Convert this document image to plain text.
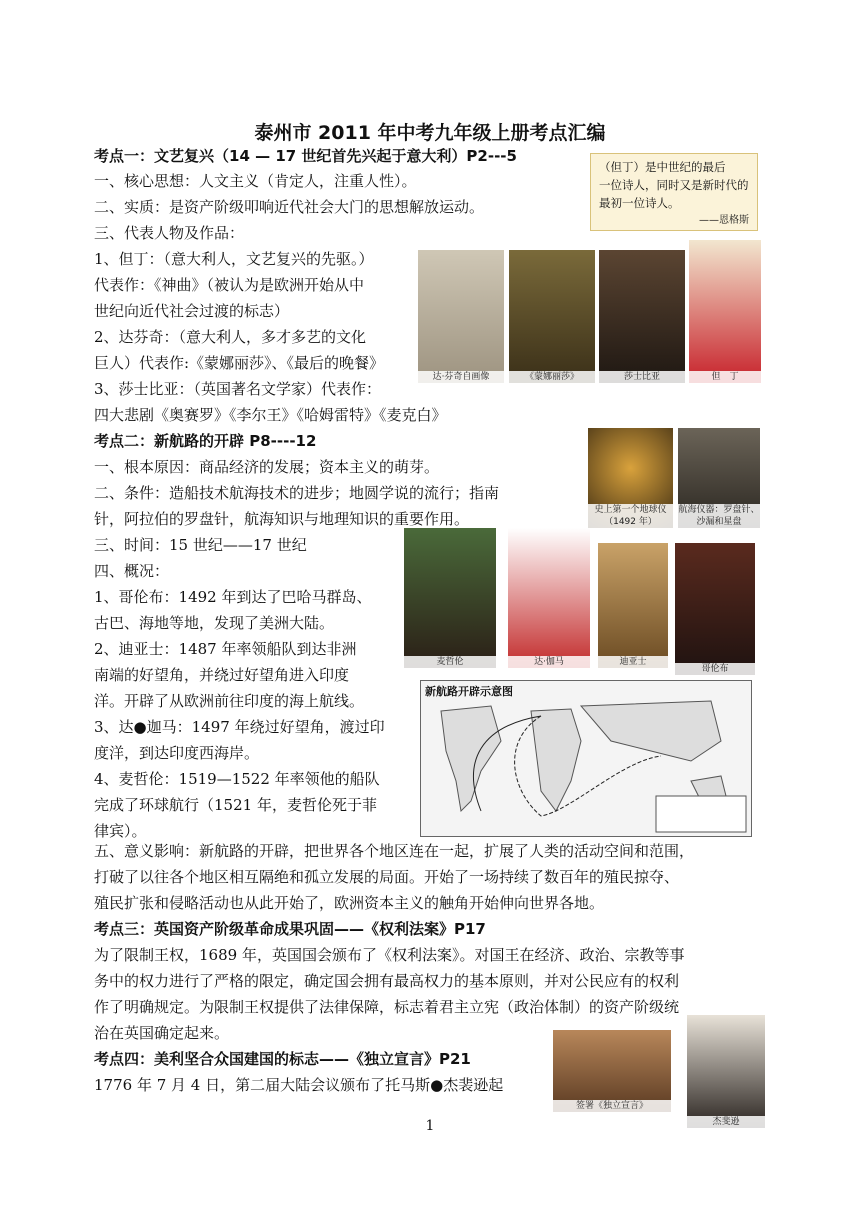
泰州市 2011 年中考九年级上册考点汇编
（但丁）是中世纪的最后
一位诗人，同时又是新时代的
最初一位诗人。
——恩格斯
考点一：文艺复兴（14 — 17 世纪首先兴起于意大利）P2---5
一、核心思想：人文主义（肯定人，注重人性）。
二、实质：是资产阶级叩响近代社会大门的思想解放运动。
三、代表人物及作品：
1、但丁：（意大利人，文艺复兴的先驱。）
代表作：《神曲》（被认为是欧洲开始从中
世纪向近代社会过渡的标志）
2、达芬奇：（意大利人，多才多艺的文化
巨人）代表作:《蒙娜丽莎》、《最后的晚餐》
3、莎士比亚：（英国著名文学家）代表作：
四大悲剧《奥赛罗》《李尔王》《哈姆雷特》《麦克白》
达·芬奇自画像	《蒙娜丽莎》	莎士比亚	但　丁
考点二：新航路的开辟 P8----12
一、根本原因：商品经济的发展；资本主义的萌芽。
二、条件：造船技术航海技术的进步；地圆学说的流行；指南
针，阿拉伯的罗盘针，航海知识与地理知识的重要作用。
三、时间：15 世纪——17 世纪
四、概况：
1、哥伦布：1492 年到达了巴哈马群岛、
古巴、海地等地，发现了美洲大陆。
2、迪亚士：1487 年率领船队到达非洲
南端的好望角，并绕过好望角进入印度
洋。开辟了从欧洲前往印度的海上航线。
3、达●迦马：1497 年绕过好望角，渡过印
度洋，到达印度西海岸。
4、麦哲伦：1519—1522 年率领他的船队
完成了环球航行（1521 年，麦哲伦死于菲
律宾）。
五、意义影响：新航路的开辟，把世界各个地区连在一起，扩展了人类的活动空间和范围，
打破了以往各个地区相互隔绝和孤立发展的局面。开始了一场持续了数百年的殖民掠夺、
殖民扩张和侵略活动也从此开始了，欧洲资本主义的触角开始伸向世界各地。
史上第一个地球仪（1492 年）
航海仪器：罗盘针、沙漏和星盘
麦哲伦	达·伽马	迪亚士
哥伦布
新航路开辟示意图
考点三：英国资产阶级革命成果巩固——《权利法案》P17
为了限制王权，1689 年，英国国会颁布了《权利法案》。对国王在经济、政治、宗教等事
务中的权力进行了严格的限定，确定国会拥有最高权力的基本原则，并对公民应有的权利
作了明确规定。为限制王权提供了法律保障，标志着君主立宪（政治体制）的资产阶级统
治在英国确定起来。
考点四：美利坚合众国建国的标志——《独立宣言》P21
1776 年 7 月 4 日，第二届大陆会议颁布了托马斯●杰裴逊起
签署《独立宣言》
杰斐逊
1
